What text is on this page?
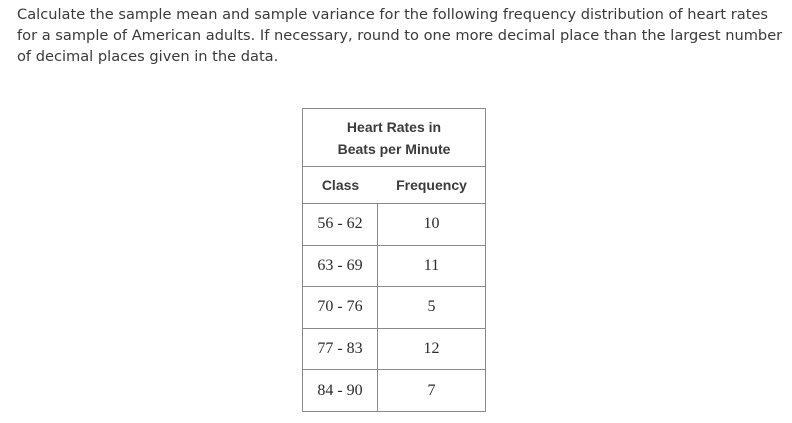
Calculate the sample mean and sample variance for the following frequency distribution of heart rates for a sample of American adults. If necessary, round to one more decimal place than the largest number of decimal places given in the data.

Heart Rates in
Beats per Minute
Class	Frequency
56 - 62	10
63 - 69	11
70 - 76	5
77 - 83	12
84 - 90	7
